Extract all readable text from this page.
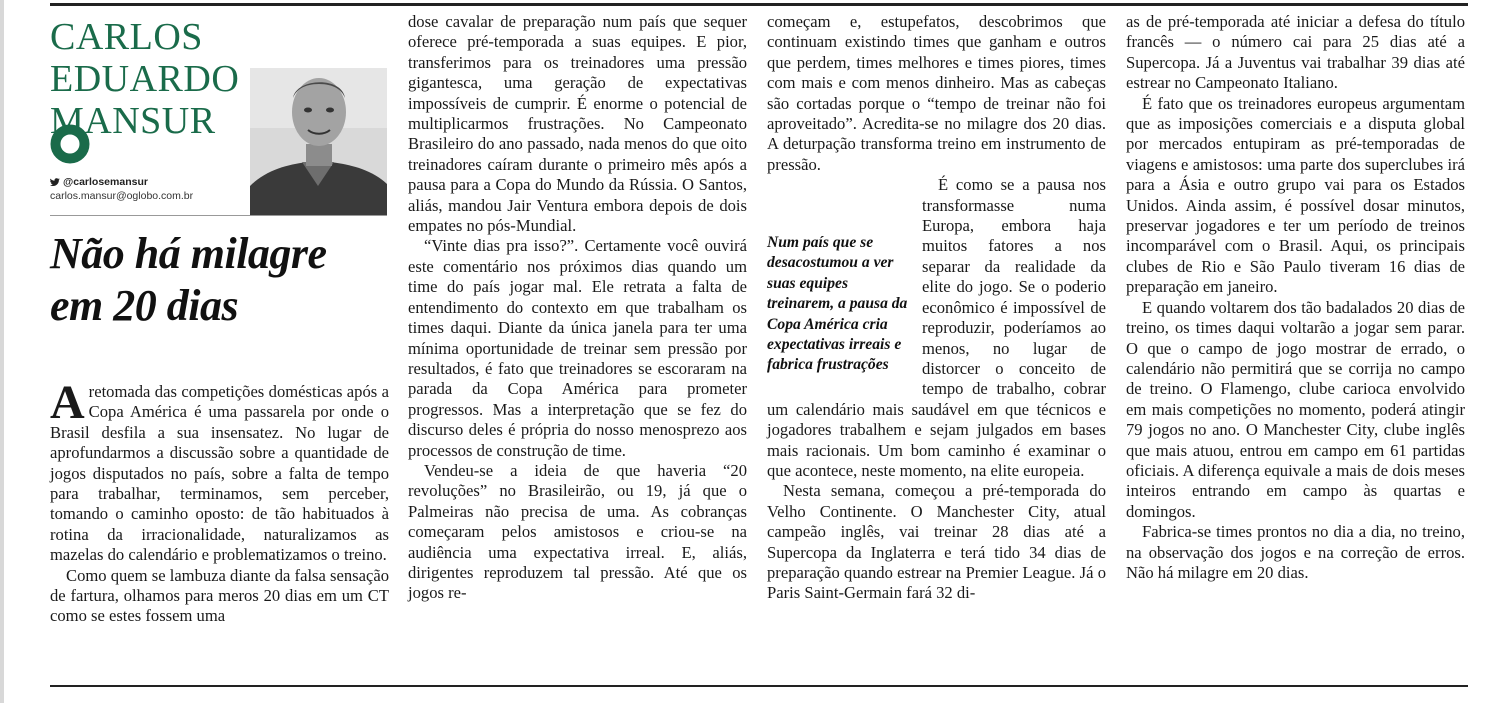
CARLOS EDUARDO
MANSUR
@carlosemansur
carlos.mansur@oglobo.com.br
Não há milagre
em 20 dias

Aretomada das competições domésticas após a Copa América é uma passarela por onde o Brasil desfila a sua insensatez. No lugar de aprofundarmos a discussão sobre a quantidade de jogos disputados no país, sobre a falta de tempo para trabalhar, terminamos, sem perceber, tomando o caminho oposto: de tão habituados à rotina da irracionalidade, naturalizamos as mazelas do calendário e problematizamos o treino.

Como quem se lambuza diante da falsa sensação de fartura, olhamos para meros 20 dias em um CT como se estes fossem uma

dose cavalar de preparação num país que sequer oferece pré-temporada a suas equipes. E pior, transferimos para os treinadores uma pressão gigantesca, uma geração de expectativas impossíveis de cumprir. É enorme o potencial de multiplicarmos frustrações. No Campeonato Brasileiro do ano passado, nada menos do que oito treinadores caíram durante o primeiro mês após a pausa para a Copa do Mundo da Rússia. O Santos, aliás, mandou Jair Ventura embora depois de dois empates no pós-Mundial.

“Vinte dias pra isso?”. Certamente você ouvirá este comentário nos próximos dias quando um time do país jogar mal. Ele retrata a falta de entendimento do contexto em que trabalham os times daqui. Diante da única janela para ter uma mínima oportunidade de treinar sem pressão por resultados, é fato que treinadores se escoraram na parada da Copa América para prometer progressos. Mas a interpretação que se fez do discurso deles é própria do nosso menosprezo aos processos de construção de time.

Vendeu-se a ideia de que haveria “20 revoluções” no Brasileirão, ou 19, já que o Palmeiras não precisa de uma. As cobranças começaram pelos amistosos e criou-se na audiência uma expectativa irreal. E, aliás, dirigentes reproduzem tal pressão. Até que os jogos re-

Num país que se desacostumou a ver suas equipes treinarem, a pausa da Copa América cria expectativas irreais e fabrica frustrações

começam e, estupefatos, descobrimos que continuam existindo times que ganham e outros que perdem, times melhores e times piores, times com mais e com menos dinheiro. Mas as cabeças são cortadas porque o “tempo de treinar não foi aproveitado”. Acredita-se no milagre dos 20 dias. A deturpação transforma treino em instrumento de pressão.

É como se a pausa nos transformasse numa Europa, embora haja muitos fatores a nos separar da realidade da elite do jogo. Se o poderio econômico é impossível de reproduzir, poderíamos ao menos, no lugar de distorcer o conceito de tempo de trabalho, cobrar um calendário mais saudável em que técnicos e jogadores trabalhem e sejam julgados em bases mais racionais. Um bom caminho é examinar o que acontece, neste momento, na elite europeia.

Nesta semana, começou a pré-temporada do Velho Continente. O Manchester City, atual campeão inglês, vai treinar 28 dias até a Supercopa da Inglaterra e terá tido 34 dias de preparação quando estrear na Premier League. Já o Paris Saint-Germain fará 32 di-

as de pré-temporada até iniciar a defesa do título francês — o número cai para 25 dias até a Supercopa. Já a Juventus vai trabalhar 39 dias até estrear no Campeonato Italiano.

É fato que os treinadores europeus argumentam que as imposições comerciais e a disputa global por mercados entupiram as pré-temporadas de viagens e amistosos: uma parte dos superclubes irá para a Ásia e outro grupo vai para os Estados Unidos. Ainda assim, é possível dosar minutos, preservar jogadores e ter um período de treinos incomparável com o Brasil. Aqui, os principais clubes de Rio e São Paulo tiveram 16 dias de preparação em janeiro.

E quando voltarem dos tão badalados 20 dias de treino, os times daqui voltarão a jogar sem parar. O que o campo de jogo mostrar de errado, o calendário não permitirá que se corrija no campo de treino. O Flamengo, clube carioca envolvido em mais competições no momento, poderá atingir 79 jogos no ano. O Manchester City, clube inglês que mais atuou, entrou em campo em 61 partidas oficiais. A diferença equivale a mais de dois meses inteiros entrando em campo às quartas e domingos.

Fabrica-se times prontos no dia a dia, no treino, na observação dos jogos e na correção de erros. Não há milagre em 20 dias.
